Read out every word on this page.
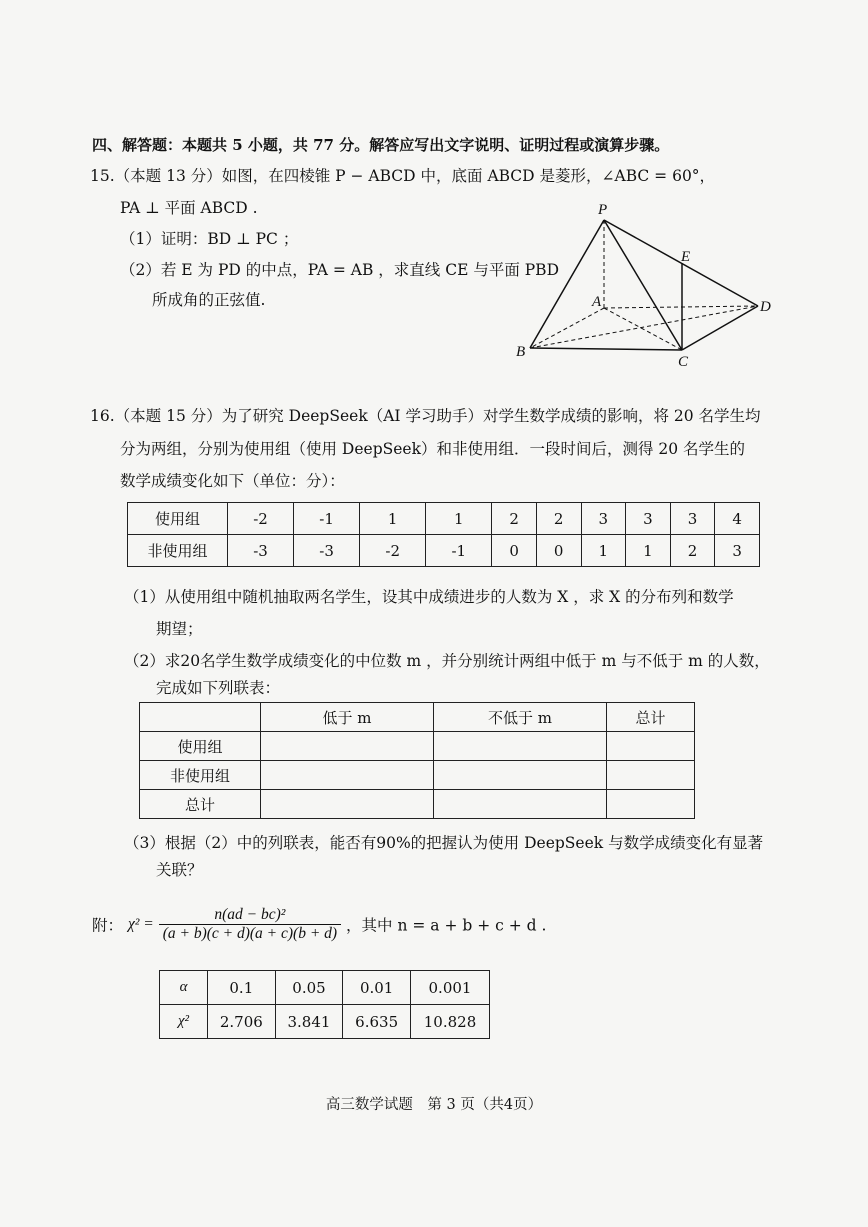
四、解答题：本题共 5 小题，共 77 分。解答应写出文字说明、证明过程或演算步骤。
15.（本题 13 分）如图，在四棱锥 P − ABCD 中，底面 ABCD 是菱形，∠ABC = 60°，
PA ⊥ 平面 ABCD .
（1）证明：BD ⊥ PC ；
（2）若 E 为 PD 的中点，PA = AB ，求直线 CE 与平面 PBD
所成角的正弦值.
P
E
A	D
B
C
16.（本题 15 分）为了研究 DeepSeek（AI 学习助手）对学生数学成绩的影响，将 20 名学生均
分为两组，分别为使用组（使用 DeepSeek）和非使用组．一段时间后，测得 20 名学生的
数学成绩变化如下（单位：分）：
使用组	-2	-1	1	1	2	2	3	3	3	4
非使用组	-3	-3	-2	-1	0	0	1	1	2	3
（1）从使用组中随机抽取两名学生，设其中成绩进步的人数为 X ，求 X 的分布列和数学
期望；
（2）求20名学生数学成绩变化的中位数 m ，并分别统计两组中低于 m 与不低于 m 的人数，
完成如下列联表：
	低于 m	不低于 m	总计
使用组			
非使用组			
总计			
（3）根据（2）中的列联表，能否有90%的把握认为使用 DeepSeek 与数学成绩变化有显著
关联？
附： $\chi^2 = \frac{\text{n(ad − bc)²}}{(a + b)(c + d)(a + c)(b + d)}$ ，其中 n = a + b + c + d .
α	0.1	0.05	0.01	0.001
χ²	2.706	3.841	6.635	10.828
高三数学试题　第 3 页（共4页）
